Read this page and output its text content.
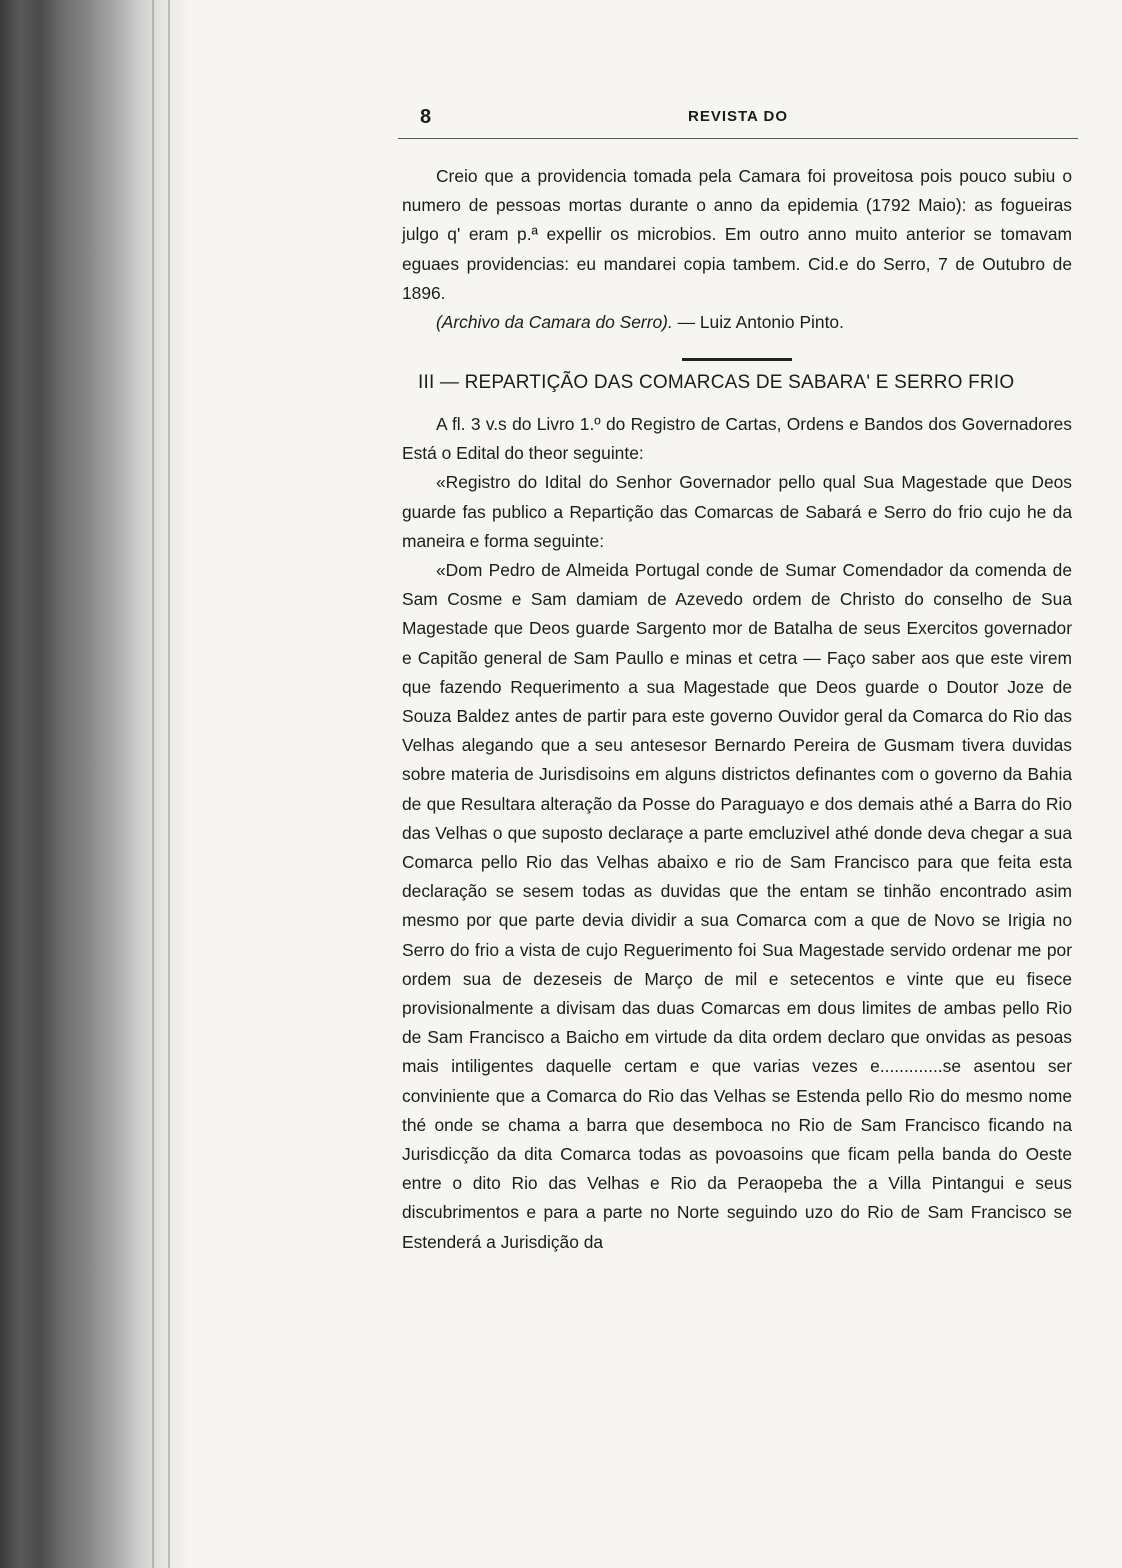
8	REVISTA DO

Creio que a providencia tomada pela Camara foi proveitosa pois pouco subiu o numero de pessoas mortas durante o anno da epidemia (1792 Maio): as fogueiras julgo q' eram p.ª expellir os microbios. Em outro anno muito anterior se tomavam eguaes providencias: eu mandarei copia tambem. Cid.e do Serro, 7 de Outubro de 1896.

(Archivo da Camara do Serro). — Luiz Antonio Pinto.

III — REPARTIÇÃO DAS COMARCAS DE SABARA' E SERRO FRIO

A fl. 3 v.s do Livro 1.º do Registro de Cartas, Ordens e Bandos dos Governadores Está o Edital do theor seguinte:

«Registro do Idital do Senhor Governador pello qual Sua Magestade que Deos guarde fas publico a Repartição das Comarcas de Sabará e Serro do frio cujo he da maneira e forma seguinte:

«Dom Pedro de Almeida Portugal conde de Sumar Comendador da comenda de Sam Cosme e Sam damiam de Azevedo ordem de Christo do conselho de Sua Magestade que Deos guarde Sargento mor de Batalha de seus Exercitos governador e Capitão general de Sam Paullo e minas et cetra — Faço saber aos que este virem que fazendo Requerimento a sua Magestade que Deos guarde o Doutor Joze de Souza Baldez antes de partir para este governo Ouvidor geral da Comarca do Rio das Velhas alegando que a seu antesesor Bernardo Pereira de Gusmam tivera duvidas sobre materia de Jurisdisoins em alguns districtos definantes com o governo da Bahia de que Resultara alteração da Posse do Paraguayo e dos demais athé a Barra do Rio das Velhas o que suposto declaraçe a parte emcluzivel athé donde deva chegar a sua Comarca pello Rio das Velhas abaixo e rio de Sam Francisco para que feita esta declaração se sesem todas as duvidas que the entam se tinhão encontrado asim mesmo por que parte devia dividir a sua Comarca com a que de Novo se Irigia no Serro do frio a vista de cujo Reguerimento foi Sua Magestade servido ordenar me por ordem sua de dezeseis de Março de mil e setecentos e vinte que eu fisece provisionalmente a divisam das duas Comarcas em dous limites de ambas pello Rio de Sam Francisco a Baicho em virtude da dita ordem declaro que onvidas as pesoas mais intiligentes daquelle certam e que varias vezes e.............se asentou ser conviniente que a Comarca do Rio das Velhas se Estenda pello Rio do mesmo nome thé onde se chama a barra que desemboca no Rio de Sam Francisco ficando na Jurisdicção da dita Comarca todas as povoasoins que ficam pella banda do Oeste entre o dito Rio das Velhas e Rio da Peraopeba the a Villa Pintangui e seus discubrimentos e para a parte no Norte seguindo uzo do Rio de Sam Francisco se Estenderá a Jurisdição da
